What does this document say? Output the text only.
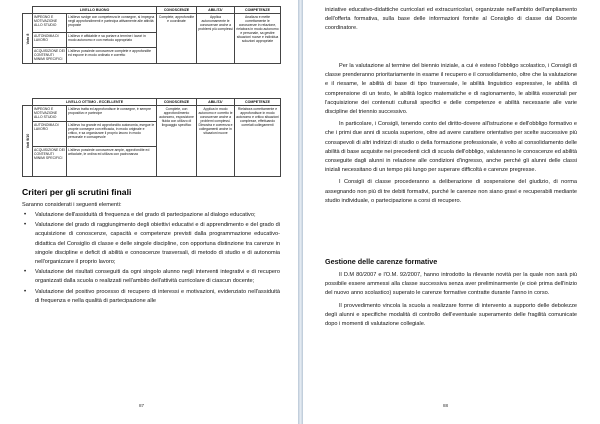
	LIVELLO BUONO		CONOSCENZE	ABILITA'	COMPETENZE

Voto 8	IMPEGNO E MOTIVAZIONE ALLO STUDIO	L'allievo svolge con competenza le consegne, si impegna negli approfondimenti e partecipa attivamente alle attività proposte	Complete, approfondite e coordinate	Applica autonomamente le conoscenze anche a problemi più complessi	Analizza e mette correttamente le conoscenze in relazione, rielabora in modo autonomo e personale, sa gestire situazioni nuove e individua soluzioni appropriate
	AUTONOMIA DI LAVORO	L'allievo è affidabile e sa portare a termine i lavori in modo autonomo e con metodo appropriato			
	ACQUISIZIONE DEI CONTENUTI MINIMI SPECIFICI	L'allievo possiede conoscenze complete e approfondite ed espone in modo ordinato e corretto			
	LIVELLO OTTIMO - ECCELLENTE		CONOSCENZE	ABILITA'	COMPETENZE

Voti 9/10	IMPEGNO E MOTIVAZIONE ALLO STUDIO	L'allievo tratta ed approfondisce le consegne, è sempre propositivo e partecipe	Complete, con approfondimento autonomo, esposizione fluida con utilizzo di linguaggio specifico	Applica in modo autonomo e corretto le conoscenze anche a problemi complessi. Dimostra e coerenza e collegamenti anche in situazioni nuove	Rielabora correttamente e approfondisce in modo autonomo e critico situazioni complesse, effettuando correlati collegamenti
	AUTONOMIA DI LAVORO	L'allievo ha grande ed approfondito autonomia, esegue le proprie consegne con efficacia, in modo originale e critico, e sa organizzare il proprio lavoro in modo personale e consapevole			
	ACQUISIZIONE DEI CONTENUTI MINIMI SPECIFICI	L'allievo possiede conoscenze ampie, approfondite ed articolate, le ordina ed utilizza con padronanza			
Criteri per gli scrutini finali
Saranno considerati i seguenti elementi:
• Valutazione dell'assiduità di frequenza e del grado di partecipazione al dialogo educativo;
• Valutazione del grado di raggiungimento degli obiettivi educativi e di apprendimento e del grado di acquisizione di conoscenze, capacità e competenze previsti dalla programmazione educativo-didattica del Consiglio di classe e delle singole discipline, con opportuna distinzione tra carenze in singole discipline e deficit di abilità e conoscenze trasversali, di metodo di studio e di autonomia nell'organizzare il proprio lavoro;
• Valutazione dei risultati conseguiti da ogni singolo alunno negli interventi integrativi e di recupero organizzati dalla scuola o realizzati nell'ambito dell'attività curricolare di ciascun docente;
• Valutazione del positivo processo di recupero di interessi e motivazioni, evidenziato nell'assiduità di frequenza e nella qualità di partecipazione alle
87

iniziative educativo-didattiche curricolari ed extracurricolari, organizzate nell'ambito dell'ampliamento dell'offerta formativa, sulla base delle informazioni fornite al Consiglio di classe dal Docente coordinatore.

Per la valutazione al termine del biennio iniziale, a cui è esteso l'obbligo scolastico, i Consigli di classe prenderanno prioritariamente in esame il recupero e il consolidamento, oltre che la valutazione e il riesame, le abilità di base di tipo trasversale, le abilità linguistico espressive, le abilità di comprensione di un testo, le abilità logico matematiche e di ragionamento, le abilità essenziali per l'acquisizione dei contenuti culturali specifici e delle competenze e abilità necessarie alle varie discipline del triennio successivo.

In particolare, i Consigli, tenendo conto del diritto-dovere all'istruzione e dell'obbligo formativo e che i primi due anni di scuola superiore, oltre ad avere carattere orientativo per scelte successive più consapevoli di altri indirizzi di studio o della formazione professionale, è volto al consolidamento delle abilità di base acquisite nei precedenti cicli di scuola dell'obbligo, valuteranno le conoscenze ed abilità conseguite dagli alunni in relazione alle condizioni d'ingresso, anche perché gli alunni delle classi iniziali necessitano di un tempo più lungo per superare difficoltà e carenze pregresse.

I Consigli di classe procederanno a deliberazione di sospensione del giudizio, di norma assegnando non più di tre debiti formativi, purché le carenze non siano gravi e recuperabili mediante studio individuale, o partecipazione a corsi di recupero.

Gestione delle carenze formative

Il D.M 80/2007 e l'O.M. 92/2007, hanno introdotto la rilevante novità per la quale non sarà più possibile essere ammessi alla classe successiva senza aver preliminarmente (e cioè prima dell'inizio del nuovo anno scolastico) superato le carenze formative contratte durante l'anno in corso.

Il provvedimento vincola la scuola a realizzare forme di intervento a supporto delle debolezze degli alunni e specifiche modalità di controllo dell'eventuale superamento delle fragilità comunicate dopo i momenti di valutazione collegiale.

88
